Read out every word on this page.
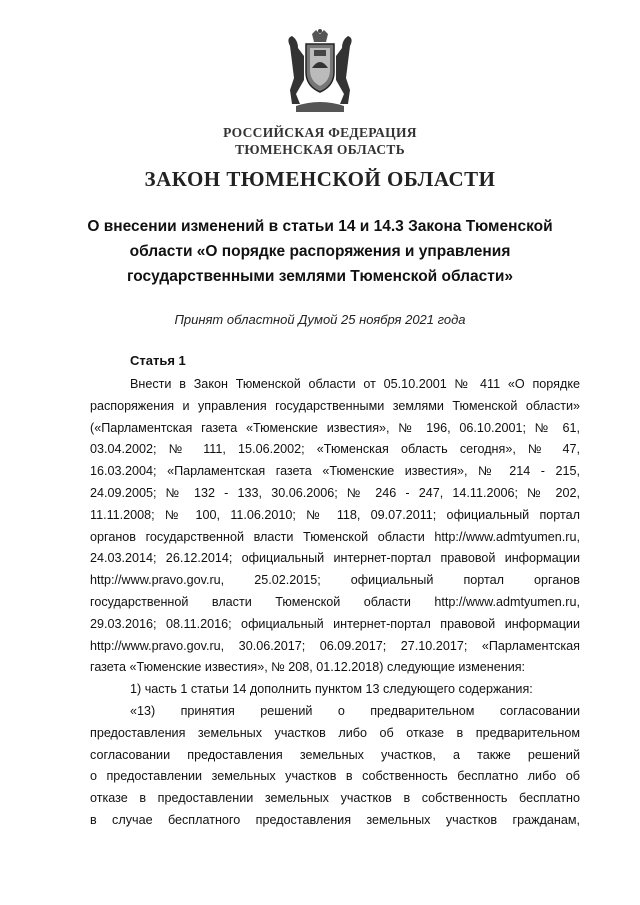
РОССИЙСКАЯ ФЕДЕРАЦИЯ
ТЮМЕНСКАЯ ОБЛАСТЬ
ЗАКОН ТЮМЕНСКОЙ ОБЛАСТИ
О внесении изменений в статьи 14 и 14.3 Закона Тюменской
области «О порядке распоряжения и управления
государственными землями Тюменской области»
Принят областной Думой 25 ноября 2021 года
Статья 1
Внести в Закон Тюменской области от 05.10.2001 № 411 «О порядке
распоряжения и управления государственными землями Тюменской области»
(«Парламентская газета «Тюменские известия», № 196, 06.10.2001; № 61,
03.04.2002; № 111, 15.06.2002; «Тюменская область сегодня», № 47,
16.03.2004; «Парламентская газета «Тюменские известия», № 214 - 215,
24.09.2005; № 132 - 133, 30.06.2006; № 246 - 247, 14.11.2006; № 202,
11.11.2008; № 100, 11.06.2010; № 118, 09.07.2011; официальный портал
органов государственной власти Тюменской области http://www.admtyumen.ru,
24.03.2014; 26.12.2014; официальный интернет-портал правовой информации
http://www.pravo.gov.ru, 25.02.2015; официальный портал органов
государственной власти Тюменской области http://www.admtyumen.ru,
29.03.2016; 08.11.2016; официальный интернет-портал правовой информации
http://www.pravo.gov.ru, 30.06.2017; 06.09.2017; 27.10.2017; «Парламентская
газета «Тюменские известия», № 208, 01.12.2018) следующие изменения:
1) часть 1 статьи 14 дополнить пунктом 13 следующего содержания:
«13) принятия решений о предварительном согласовании
предоставления земельных участков либо об отказе в предварительном
согласовании предоставления земельных участков, а также решений
о предоставлении земельных участков в собственность бесплатно либо об
отказе в предоставлении земельных участков в собственность бесплатно
в случае бесплатного предоставления земельных участков гражданам,
